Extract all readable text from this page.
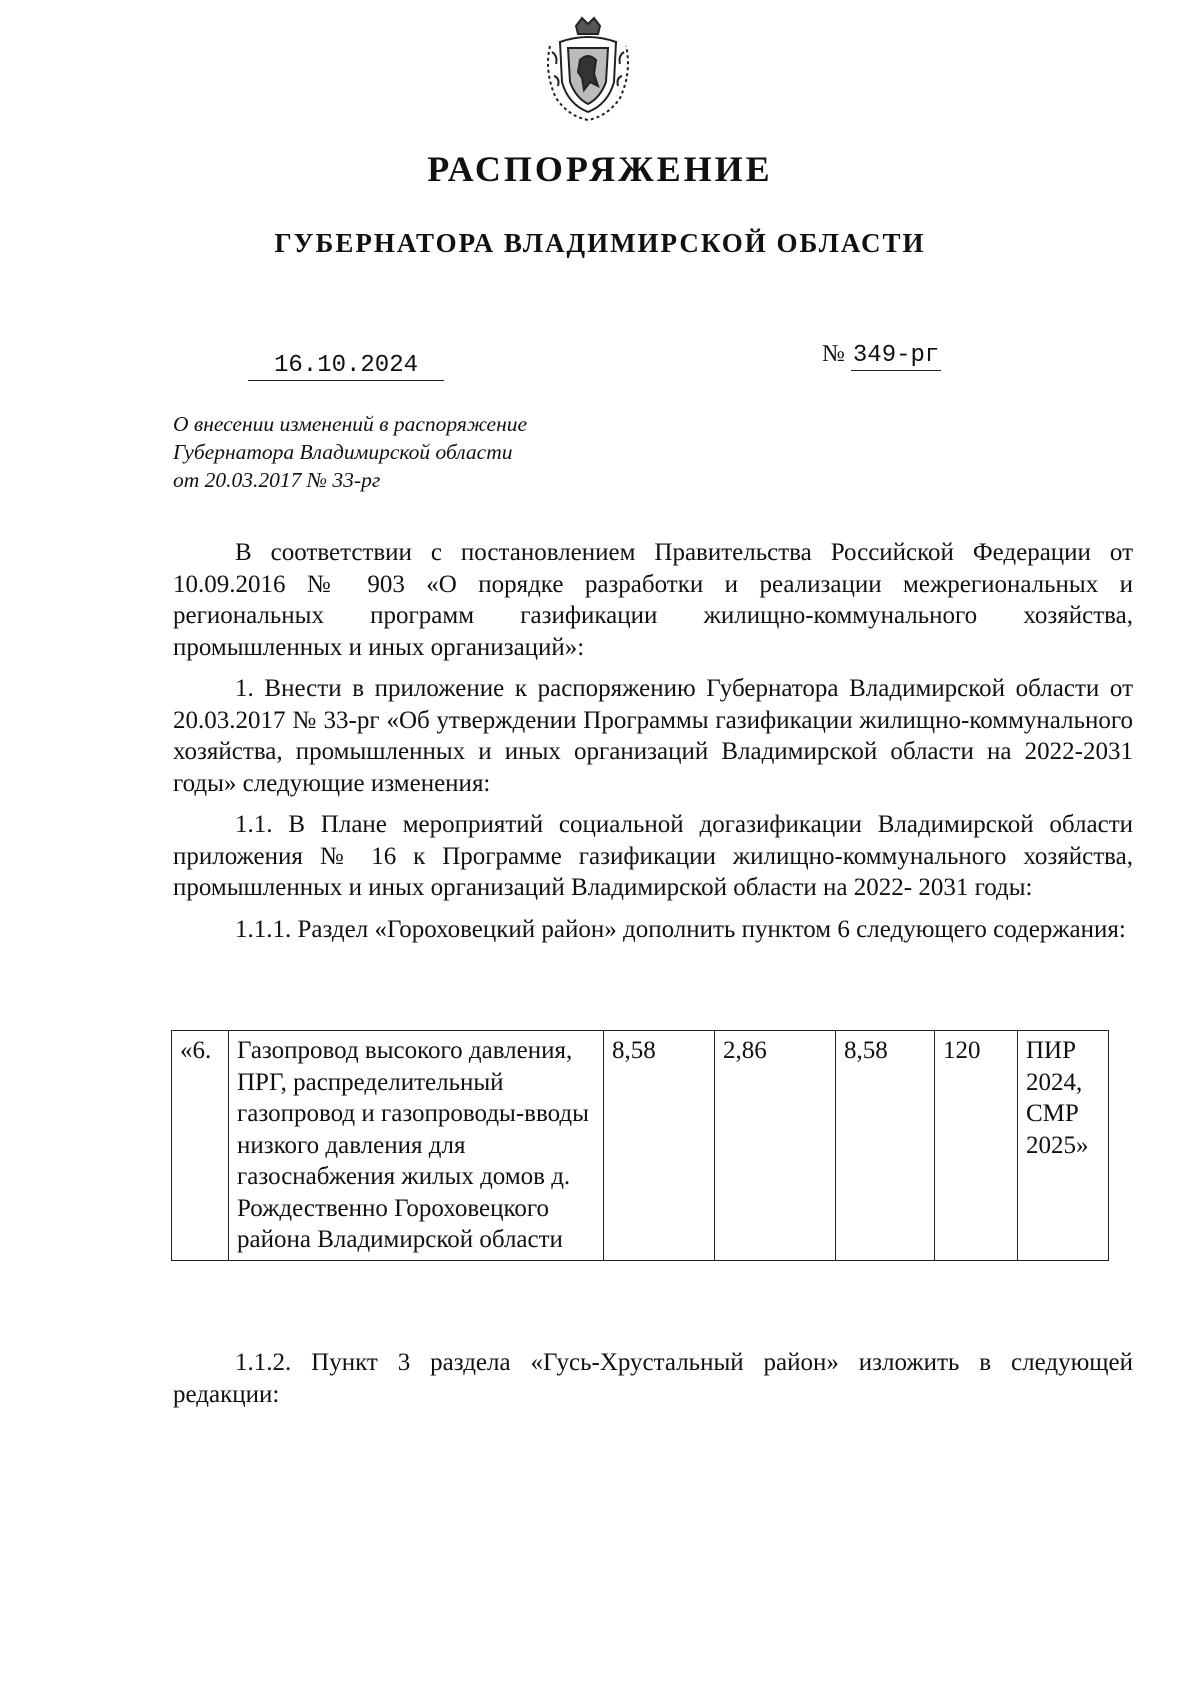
РАСПОРЯЖЕНИЕ
ГУБЕРНАТОРА ВЛАДИМИРСКОЙ ОБЛАСТИ
16.10.2024	№ 349-рг
О внесении изменений в распоряжение
Губернатора Владимирской области
от 20.03.2017 № 33-рг

В соответствии с постановлением Правительства Российской Федерации от 10.09.2016 № 903 «О порядке разработки и реализации межрегиональных и региональных программ газификации жилищно-коммунального хозяйства, промышленных и иных организаций»:

1. Внести в приложение к распоряжению Губернатора Владимирской области от 20.03.2017 № 33-рг «Об утверждении Программы газификации жилищно-коммунального хозяйства, промышленных и иных организаций Владимирской области на 2022-2031 годы» следующие изменения:

1.1. В Плане мероприятий социальной догазификации Владимирской области приложения № 16 к Программе газификации жилищно-коммунального хозяйства, промышленных и иных организаций Владимирской области на 2022- 2031 годы:

1.1.1. Раздел «Гороховецкий район» дополнить пунктом 6 следующего содержания:

«6.	Газопровод высокого давления, ПРГ, распределительный газопровод и газопроводы-вводы низкого давления для газоснабжения жилых домов д. Рождественно Гороховецкого района Владимирской области	8,58	2,86	8,58	120	ПИР 2024,
СМР 2025»

1.1.2. Пункт 3 раздела «Гусь-Хрустальный район» изложить в следующей редакции:
